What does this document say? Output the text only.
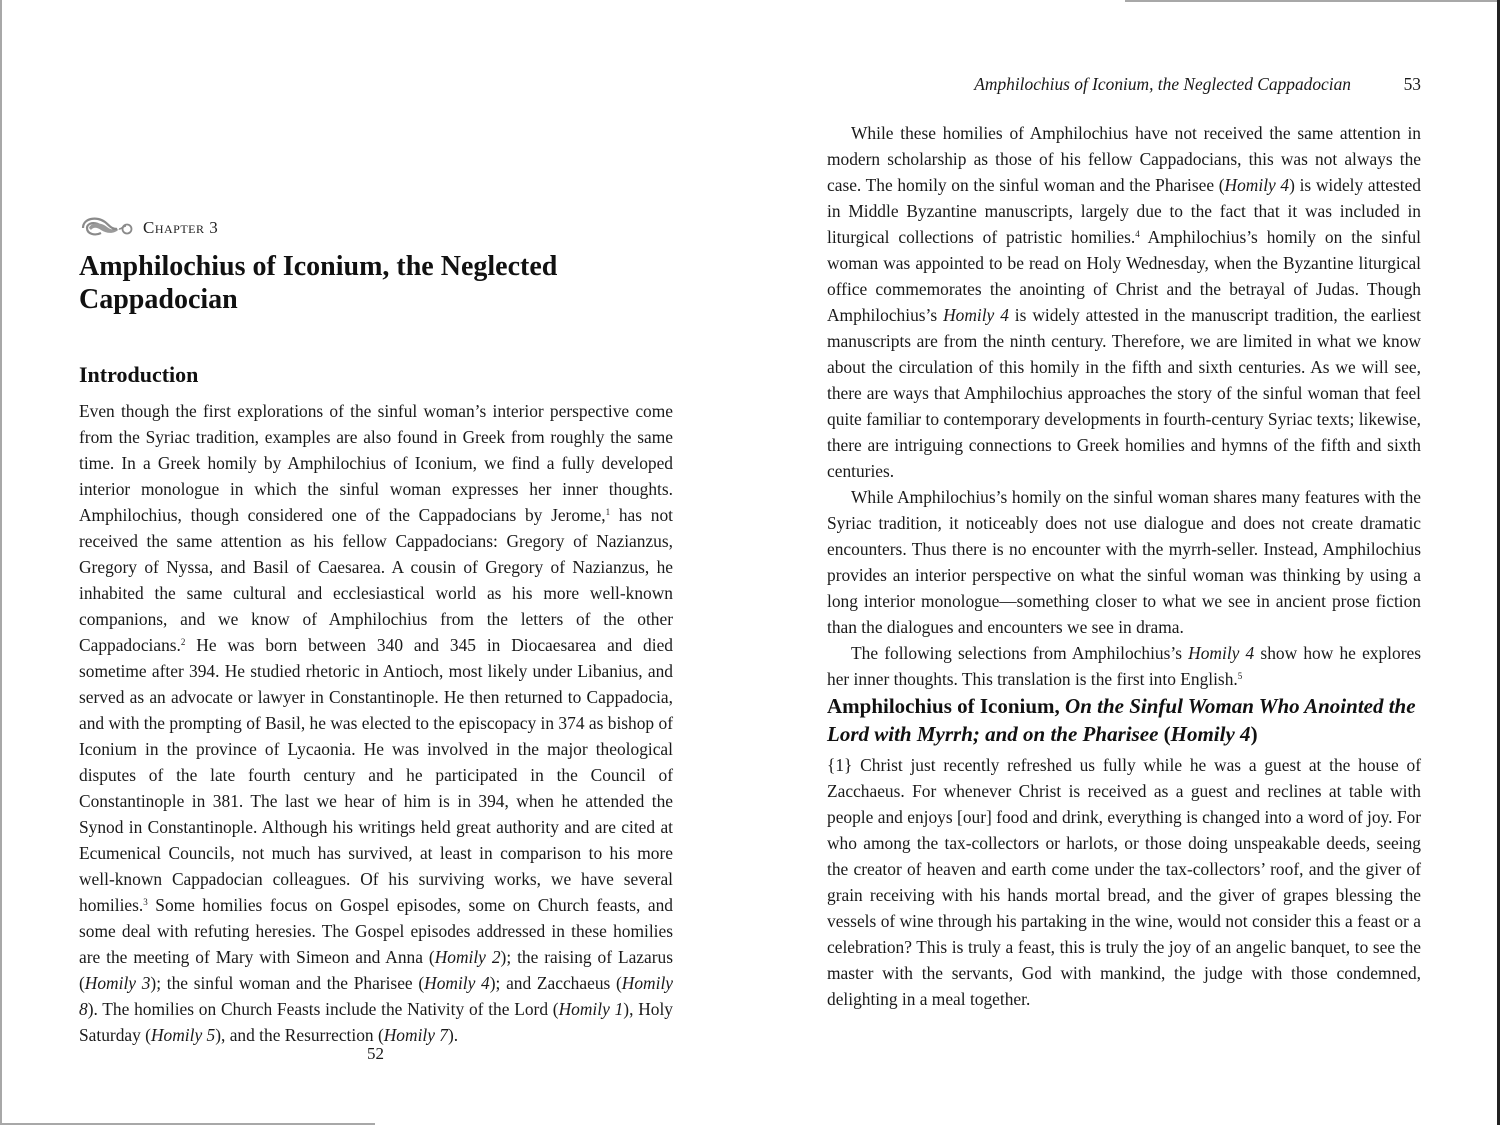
Chapter 3
Amphilochius of Iconium, the Neglected Cappadocian
Introduction

Even though the first explorations of the sinful woman’s interior perspective come from the Syriac tradition, examples are also found in Greek from roughly the same time. In a Greek homily by Amphilochius of Iconium, we find a fully developed interior monologue in which the sinful woman expresses her inner thoughts. Amphilochius, though considered one of the Cappadocians by Jerome,$^1$ has not received the same attention as his fellow Cappadocians: Gregory of Nazianzus, Gregory of Nyssa, and Basil of Caesarea. A cousin of Gregory of Nazianzus, he inhabited the same cultural and ecclesiastical world as his more well-known companions, and we know of Amphilochius from the letters of the other Cappadocians.$^2$ He was born between 340 and 345 in Diocaesarea and died sometime after 394. He studied rhetoric in Antioch, most likely under Libanius, and served as an advocate or lawyer in Constantinople. He then returned to Cappadocia, and with the prompting of Basil, he was elected to the episcopacy in 374 as bishop of Iconium in the province of Lycaonia. He was involved in the major theological disputes of the late fourth century and he participated in the Council of Constantinople in 381. The last we hear of him is in 394, when he attended the Synod in Constantinople. Although his writings held great authority and are cited at Ecumenical Councils, not much has survived, at least in comparison to his more well-known Cappadocian colleagues. Of his surviving works, we have several homilies.$^3$ Some homilies focus on Gospel episodes, some on Church feasts, and some deal with refuting heresies. The Gospel episodes addressed in these homilies are the meeting of Mary with Simeon and Anna (Homily 2); the raising of Lazarus (Homily 3); the sinful woman and the Pharisee (Homily 4); and Zacchaeus (Homily 8). The homilies on Church Feasts include the Nativity of the Lord (Homily 1), Holy Saturday (Homily 5), and the Resurrection (Homily 7).

52
Amphilochius of Iconium, the Neglected Cappadocian	53

While these homilies of Amphilochius have not received the same attention in modern scholarship as those of his fellow Cappadocians, this was not always the case. The homily on the sinful woman and the Pharisee (Homily 4) is widely attested in Middle Byzantine manuscripts, largely due to the fact that it was included in liturgical collections of patristic homilies.$^4$ Amphilochius’s homily on the sinful woman was appointed to be read on Holy Wednesday, when the Byzantine liturgical office commemorates the anointing of Christ and the betrayal of Judas. Though Amphilochius’s Homily 4 is widely attested in the manuscript tradition, the earliest manuscripts are from the ninth century. Therefore, we are limited in what we know about the circulation of this homily in the fifth and sixth centuries. As we will see, there are ways that Amphilochius approaches the story of the sinful woman that feel quite familiar to contemporary developments in fourth-century Syriac texts; likewise, there are intriguing connections to Greek homilies and hymns of the fifth and sixth centuries.

While Amphilochius’s homily on the sinful woman shares many features with the Syriac tradition, it noticeably does not use dialogue and does not create dramatic encounters. Thus there is no encounter with the myrrh-seller. Instead, Amphilochius provides an interior perspective on what the sinful woman was thinking by using a long interior monologue—something closer to what we see in ancient prose fiction than the dialogues and encounters we see in drama.

The following selections from Amphilochius’s Homily 4 show how he explores her inner thoughts. This translation is the first into English.$^5$

Amphilochius of Iconium, On the Sinful Woman Who Anointed the Lord with Myrrh; and on the Pharisee (Homily 4)

{1} Christ just recently refreshed us fully while he was a guest at the house of Zacchaeus. For whenever Christ is received as a guest and reclines at table with people and enjoys [our] food and drink, everything is changed into a word of joy. For who among the tax-collectors or harlots, or those doing unspeakable deeds, seeing the creator of heaven and earth come under the tax-collectors’ roof, and the giver of grain receiving with his hands mortal bread, and the giver of grapes blessing the vessels of wine through his partaking in the wine, would not consider this a feast or a celebration? This is truly a feast, this is truly the joy of an angelic banquet, to see the master with the servants, God with mankind, the judge with those condemned, delighting in a meal together.
